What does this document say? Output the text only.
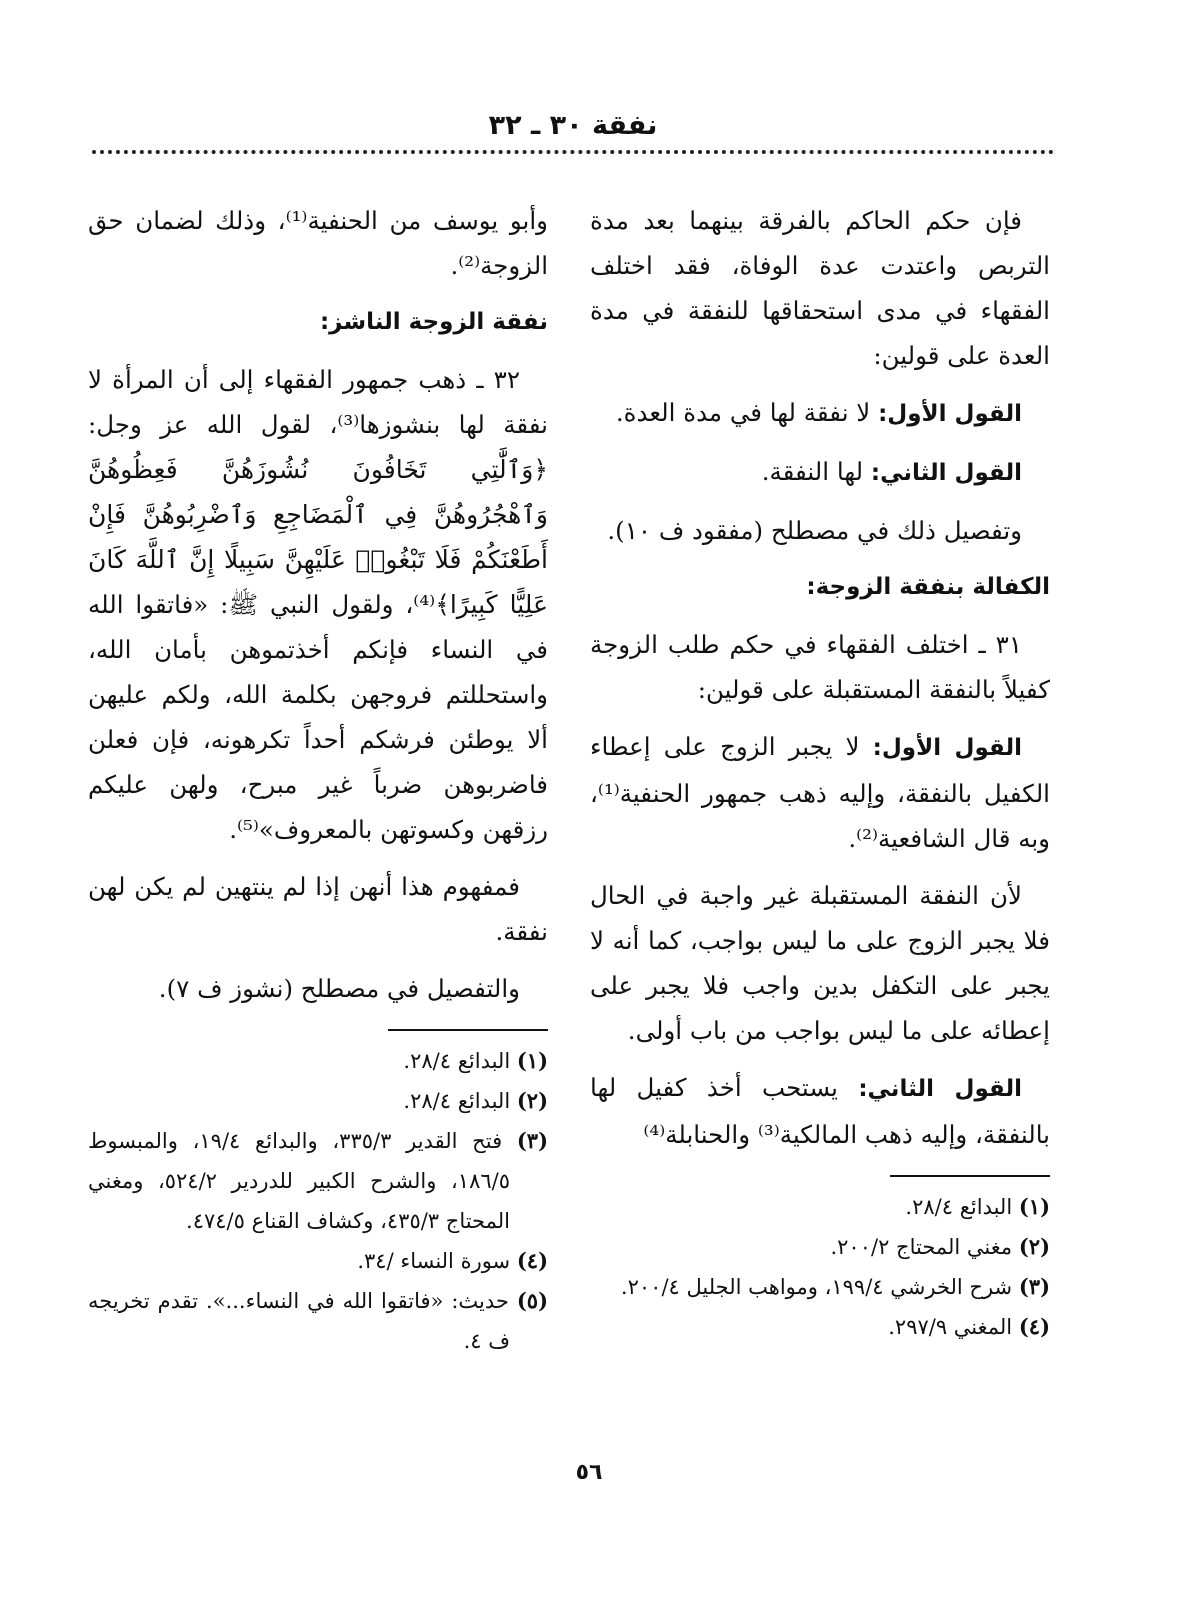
نفقة ٣٠ ـ ٣٢

فإن حكم الحاكم بالفرقة بينهما بعد مدة التربص واعتدت عدة الوفاة، فقد اختلف الفقهاء في مدى استحقاقها للنفقة في مدة العدة على قولين:

القول الأول: لا نفقة لها في مدة العدة.

القول الثاني: لها النفقة.

وتفصيل ذلك في مصطلح (مفقود ف ١٠).

الكفالة بنفقة الزوجة:

٣١ ـ اختلف الفقهاء في حكم طلب الزوجة كفيلاً بالنفقة المستقبلة على قولين:

القول الأول: لا يجبر الزوج على إعطاء الكفيل بالنفقة، وإليه ذهب جمهور الحنفية⁽¹⁾، وبه قال الشافعية⁽²⁾.

لأن النفقة المستقبلة غير واجبة في الحال فلا يجبر الزوج على ما ليس بواجب، كما أنه لا يجبر على التكفل بدين واجب فلا يجبر على إعطائه على ما ليس بواجب من باب أولى.

القول الثاني: يستحب أخذ كفيل لها بالنفقة، وإليه ذهب المالكية⁽³⁾ والحنابلة⁽⁴⁾

(١) البدائع ٢٨/٤.

(٢) مغني المحتاج ٢٠٠/٢.

(٣) شرح الخرشي ١٩٩/٤، ومواهب الجليل ٢٠٠/٤.

(٤) المغني ٢٩٧/٩.

وأبو يوسف من الحنفية⁽¹⁾، وذلك لضمان حق الزوجة⁽²⁾.

نفقة الزوجة الناشز:

٣٢ ـ ذهب جمهور الفقهاء إلى أن المرأة لا نفقة لها بنشوزها⁽³⁾، لقول الله عز وجل: ﴿وَٱلَّٰتِي تَخَافُونَ نُشُوزَهُنَّ فَعِظُوهُنَّ وَٱهْجُرُوهُنَّ فِي ٱلْمَضَاجِعِ وَٱضْرِبُوهُنَّ فَإِنْ أَطَعْنَكُمْ فَلَا تَبْغُوا۟ عَلَيْهِنَّ سَبِيلًا إِنَّ ٱللَّهَ كَانَ عَلِيًّا كَبِيرًا﴾⁽⁴⁾، ولقول النبي ﷺ: «فاتقوا الله في النساء فإنكم أخذتموهن بأمان الله، واستحللتم فروجهن بكلمة الله، ولكم عليهن ألا يوطئن فرشكم أحداً تكرهونه، فإن فعلن فاضربوهن ضرباً غير مبرح، ولهن عليكم رزقهن وكسوتهن بالمعروف»⁽⁵⁾.

فمفهوم هذا أنهن إذا لم ينتهين لم يكن لهن نفقة.

والتفصيل في مصطلح (نشوز ف ٧).

(١) البدائع ٢٨/٤.

(٢) البدائع ٢٨/٤.

(٣) فتح القدير ٣٣٥/٣، والبدائع ١٩/٤، والمبسوط ١٨٦/٥، والشرح الكبير للدردير ٥٢٤/٢، ومغني المحتاج ٤٣٥/٣، وكشاف القناع ٤٧٤/٥.

(٤) سورة النساء /٣٤.

(٥) حديث: «فاتقوا الله في النساء...». تقدم تخريجه ف ٤.

٥٦
